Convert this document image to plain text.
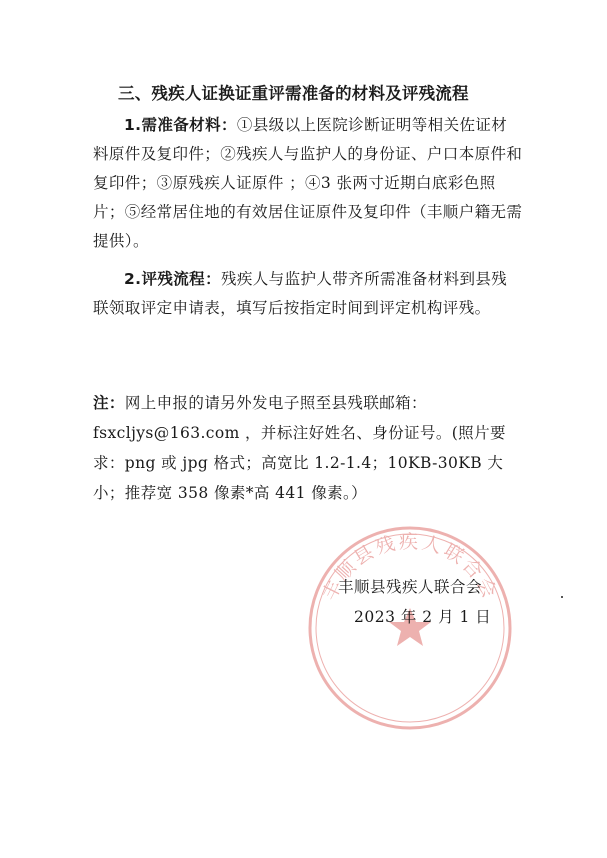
三、残疾人证换证重评需准备的材料及评残流程
1.需准备材料：①县级以上医院诊断证明等相关佐证材料原件及复印件；②残疾人与监护人的身份证、户口本原件和复印件；③原残疾人证原件 ；④3 张两寸近期白底彩色照片；⑤经常居住地的有效居住证原件及复印件（丰顺户籍无需提供）。
2.评残流程：残疾人与监护人带齐所需准备材料到县残联领取评定申请表，填写后按指定时间到评定机构评残。
注：网上申报的请另外发电子照至县残联邮箱：fsxcljys@163.com ，并标注好姓名、身份证号。(照片要求：png 或 jpg 格式；高宽比 1.2-1.4；10KB-30KB 大小；推荐宽 358 像素*高 441 像素。）
丰顺县残疾人联合会
丰顺县残疾人联合会
2023 年 2 月 1 日
